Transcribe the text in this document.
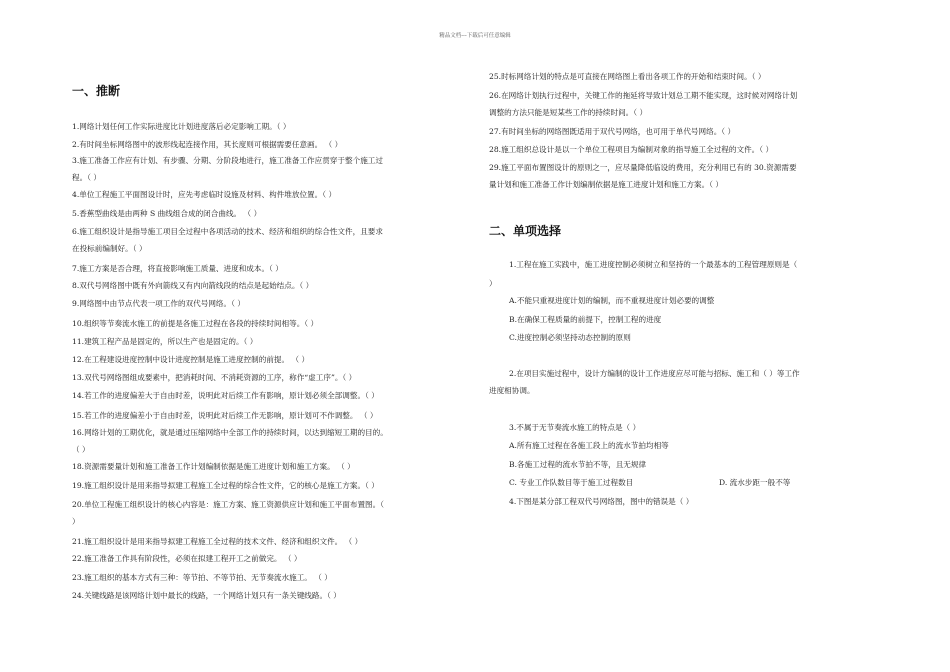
精品文档---下载后可任意编辑
一、推断
1.网络计划任何工作实际进度比计划进度落后必定影响工期。（ ）
2.有时间坐标网络图中的波形线起连接作用，其长度则可根据需要任意画。 （ ）
3.施工准备工作应有计划、有步骤、分期、分阶段地进行，施工准备工作应贯穿于整个施工过
程。（ ）
4.单位工程施工平面图设计时，应先考虑临时设施及材料、构件堆放位置。（ ）
5.香蕉型曲线是由两种 S 曲线组合成的闭合曲线。 （ ）
6.施工组织设计是指导施工项目全过程中各项活动的技术、经济和组织的综合性文件，且要求
在投标前编制好。（ ）
7.施工方案是否合理，将直接影响施工质量、进度和成本。（ ）
8.双代号网络图中既有外向箭线又有内向箭线段的结点是起始结点。（ ）
9.网络图中由节点代表一项工作的双代号网络。（ ）
10.组织等节奏流水施工的前提是各施工过程在各段的持续时间相等。（ ）
11.建筑工程产品是固定的，所以生产也是固定的。（ ）
12.在工程建设进度控制中设计进度控制是施工进度控制的前提。 （ ）
13.双代号网络图组成要素中，把消耗时间、不消耗资源的工序，称作“虚工序”。（ ）
14.若工作的进度偏差大于自由时差，说明此对后续工作有影响，原计划必须全部调整。（ ）
15.若工作的进度偏差小于自由时差，说明此对后续工作无影响，原计划可不作调整。 （ ）
16.网络计划的工期优化，就是通过压缩网络中全部工作的持续时间，以达到缩短工期的目的。
（ ）
18.资源需要量计划和施工准备工作计划编制依据是施工进度计划和施工方案。 （ ）
19.施工组织设计是用来指导拟建工程施工全过程的综合性文件，它的核心是施工方案。（ ）
20.单位工程施工组织设计的核心内容是：施工方案、施工资源供应计划和施工平面布置图。（
）
21.施工组织设计是用来指导拟建工程施工全过程的技术文件、经济和组织文件。 （ ）
22.施工准备工作具有阶段性，必须在拟建工程开工之前做完。 （ ）
23.施工组织的基本方式有三种：等节拍、不等节拍、无节奏流水施工。 （ ）
24.关键线路是该网络计划中最长的线路，一个网络计划只有一条关键线路。（ ）
25.时标网络计划的特点是可直接在网络图上看出各项工作的开始和结束时间。（ ）
26.在网络计划执行过程中，关键工作的拖延将导致计划总工期不能实现，这时候对网络计划
调整的方法只能是短某些工作的持续时间。（ ）
27.有时间坐标的网络图既适用于双代号网络，也可用于单代号网络。（ ）
28.施工组织总设计是以一个单位工程项目为编制对象的指导施工全过程的文件。（ ）
29.施工平面布置图设计的原则之一，应尽量降低临设的费用，充分利用已有的 30.资源需要
量计划和施工准备工作计划编制依据是施工进度计划和施工方案。（ ）
二、单项选择
1.工程在施工实践中，施工进度控制必须树立和坚持的一个最基本的工程管理原则是（
）
A.不能只重视进度计划的编制，而不重视进度计划必要的调整
B.在确保工程质量的前提下，控制工程的进度
C.进度控制必须坚持动态控制的原则
2.在项目实施过程中，设计方编制的设计工作进度应尽可能与招标、施工和（ ）等工作
进度相协调。
3.不属于无节奏流水施工的特点是（ ）
A.所有施工过程在各施工段上的流水节拍均相等
B.各施工过程的流水节拍不等，且无规律
C. 专业工作队数目等于施工过程数目	D. 流水步距一般不等
4.下图是某分部工程双代号网络图，图中的错误是（ ）
